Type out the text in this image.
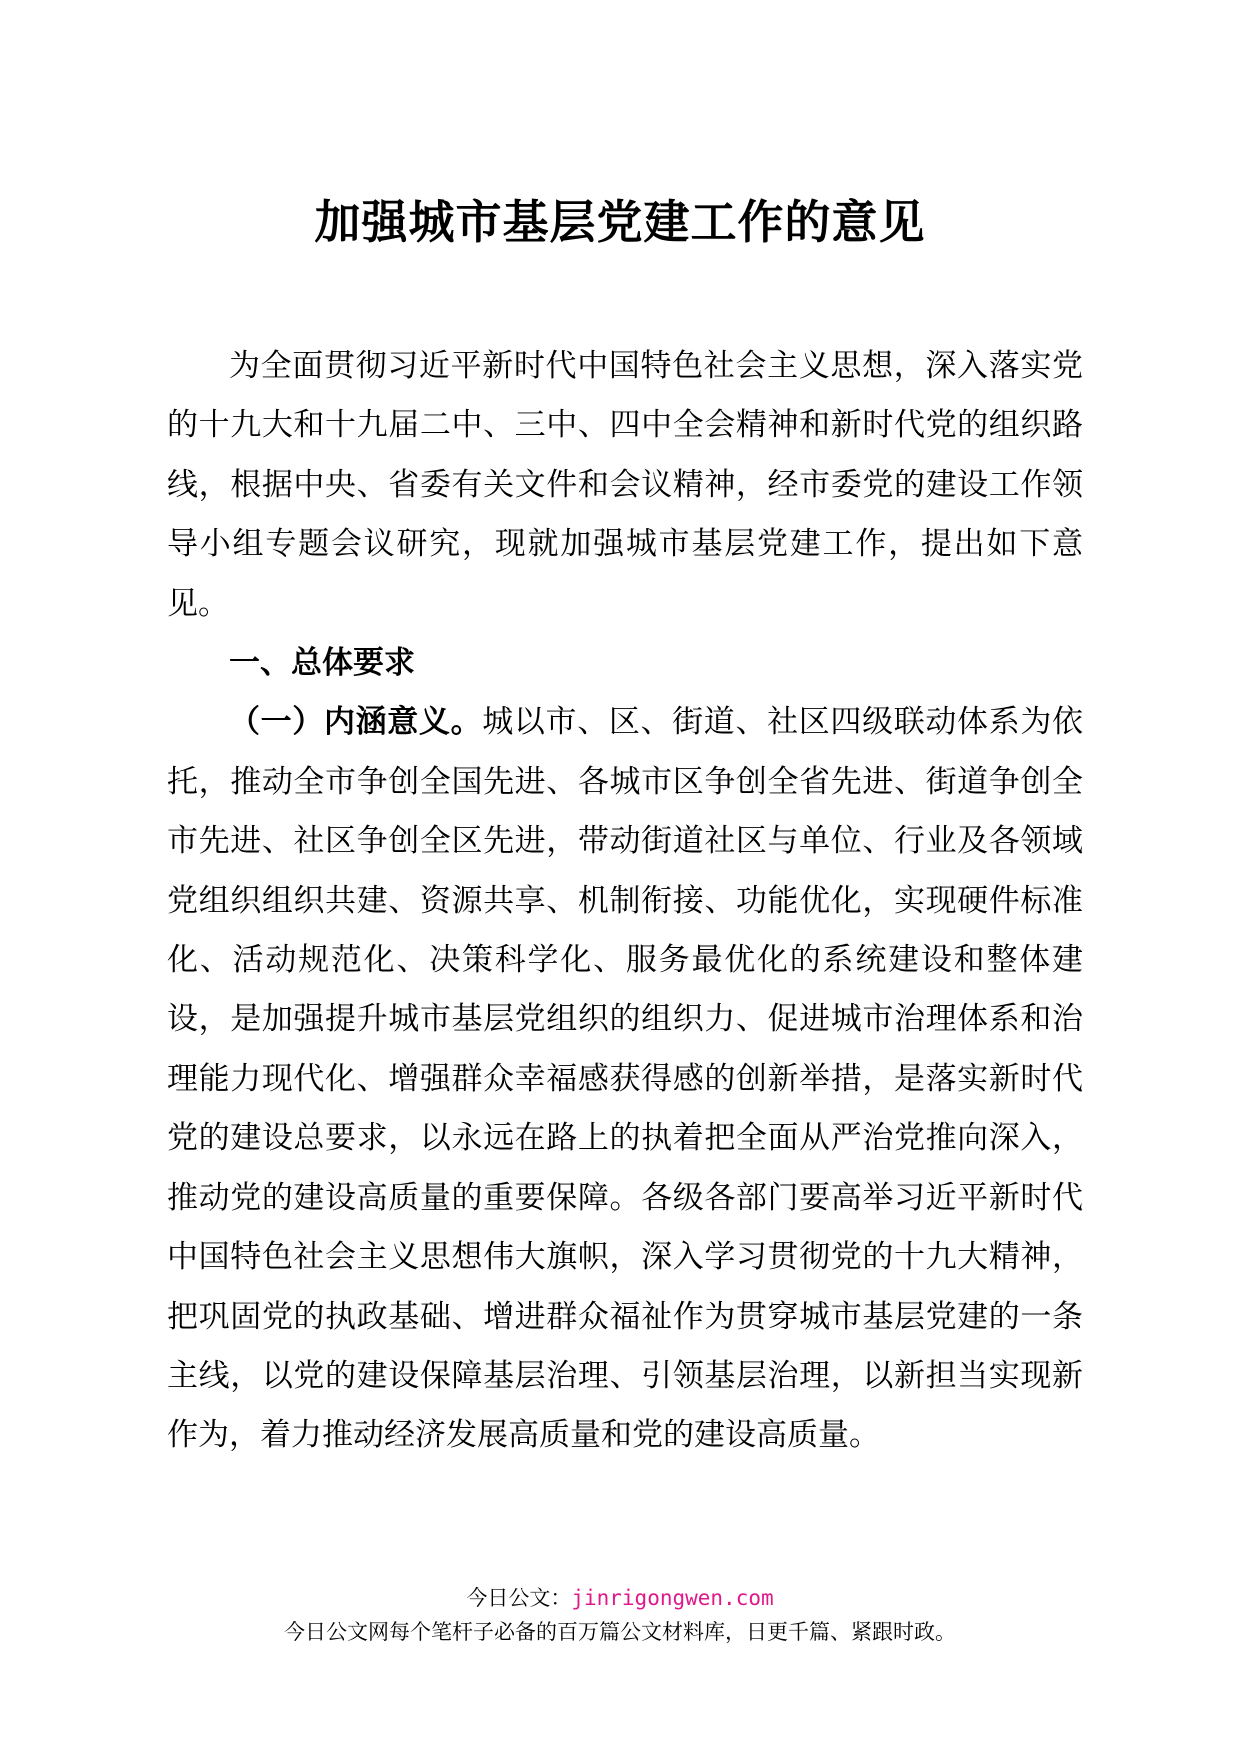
加强城市基层党建工作的意见

为全面贯彻习近平新时代中国特色社会主义思想，深入落实党的十九大和十九届二中、三中、四中全会精神和新时代党的组织路线，根据中央、省委有关文件和会议精神，经市委党的建设工作领导小组专题会议研究，现就加强城市基层党建工作，提出如下意见。

一、总体要求

（一）内涵意义。城以市、区、街道、社区四级联动体系为依托，推动全市争创全国先进、各城市区争创全省先进、街道争创全市先进、社区争创全区先进，带动街道社区与单位、行业及各领域党组织组织共建、资源共享、机制衔接、功能优化，实现硬件标准化、活动规范化、决策科学化、服务最优化的系统建设和整体建设，是加强提升城市基层党组织的组织力、促进城市治理体系和治理能力现代化、增强群众幸福感获得感的创新举措，是落实新时代党的建设总要求，以永远在路上的执着把全面从严治党推向深入，推动党的建设高质量的重要保障。各级各部门要高举习近平新时代中国特色社会主义思想伟大旗帜，深入学习贯彻党的十九大精神，把巩固党的执政基础、增进群众福祉作为贯穿城市基层党建的一条主线，以党的建设保障基层治理、引领基层治理，以新担当实现新作为，着力推动经济发展高质量和党的建设高质量。

今日公文：jinrigongwen.com
今日公文网每个笔杆子必备的百万篇公文材料库，日更千篇、紧跟时政。
